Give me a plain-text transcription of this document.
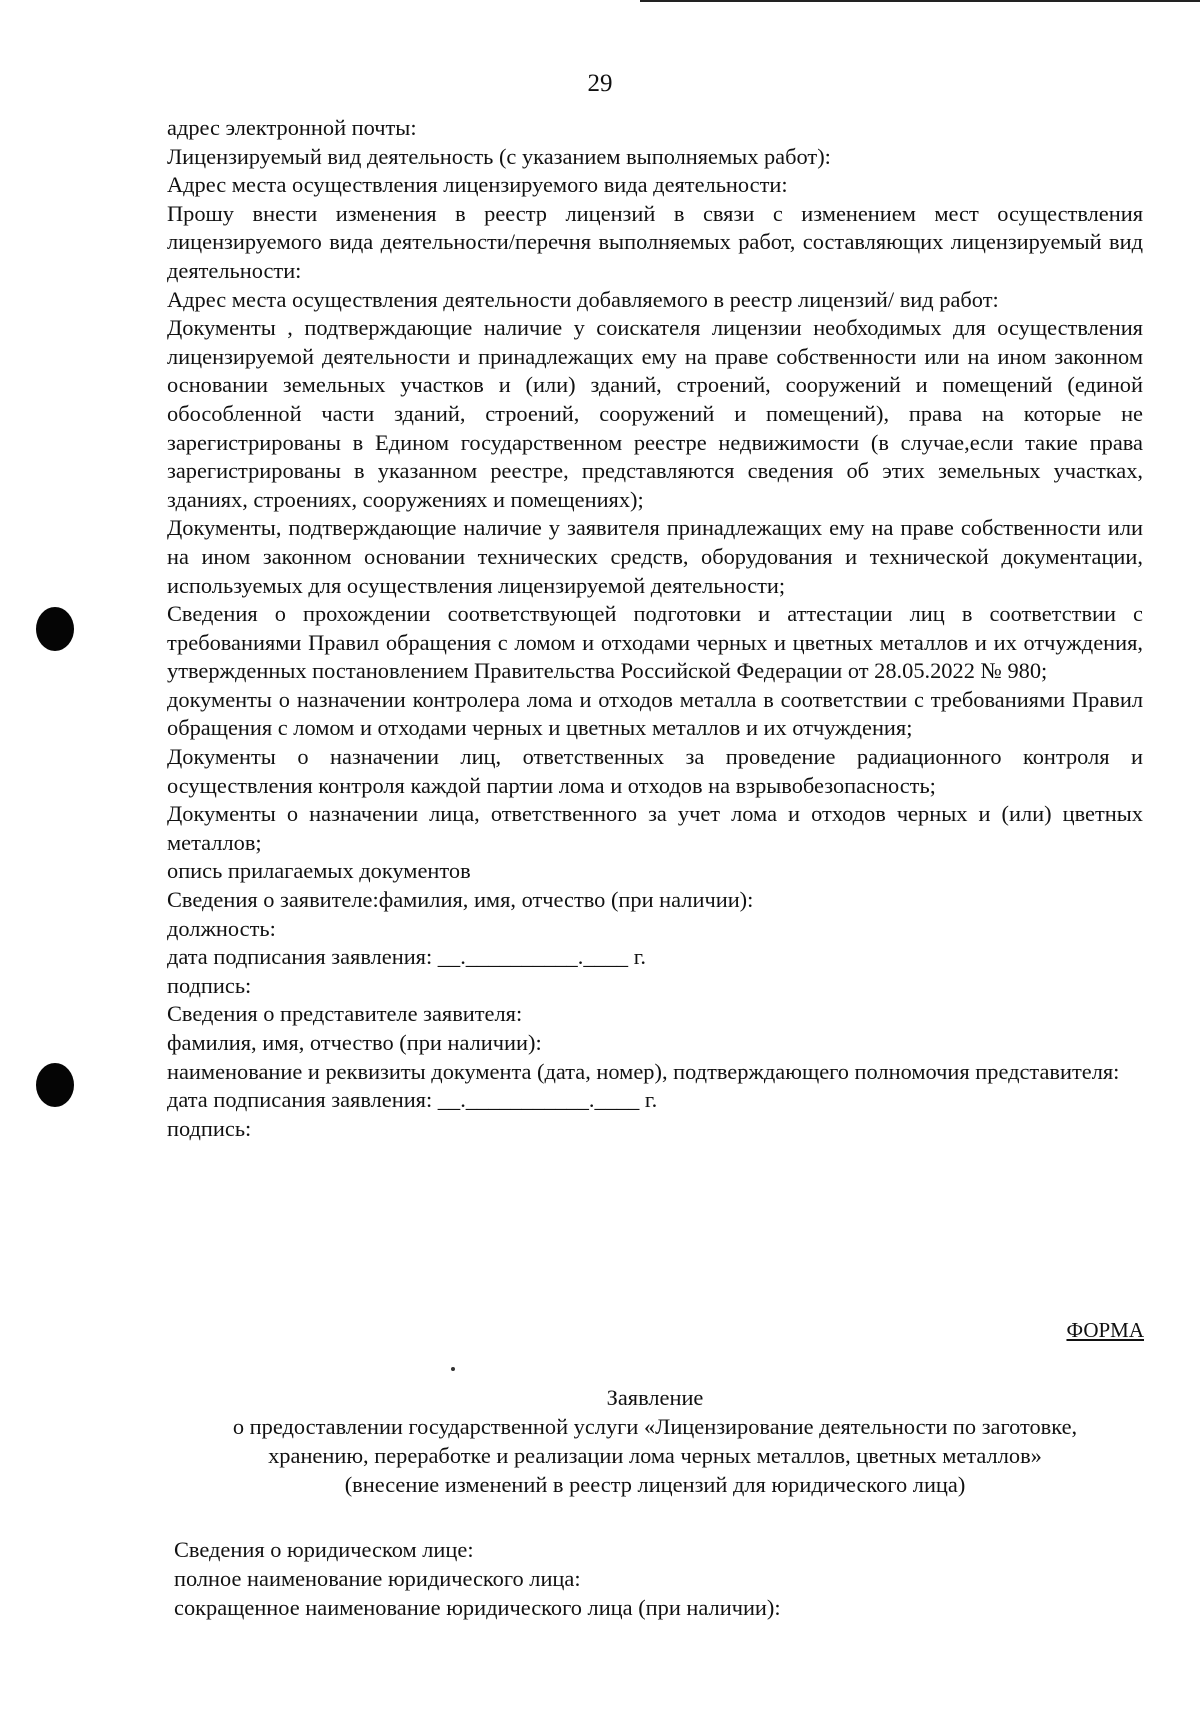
29

адрес электронной почты:

Лицензируемый вид деятельность (с указанием выполняемых работ):

Адрес места осуществления лицензируемого вида деятельности:

Прошу внести изменения в реестр лицензий в связи с изменением мест осуществления лицензируемого вида деятельности/перечня выполняемых работ, составляющих лицензируемый вид деятельности:

Адрес места осуществления деятельности добавляемого в реестр лицензий/ вид работ:

Документы , подтверждающие наличие у соискателя лицензии необходимых для осуществления лицензируемой деятельности и принадлежащих ему на праве собственности или на ином законном основании земельных участков и (или) зданий, строений, сооружений и помещений (единой обособленной части зданий, строений, сооружений и помещений), права на которые не зарегистрированы в Едином государственном реестре недвижимости (в случае,если такие права зарегистрированы в указанном реестре, представляются сведения об этих земельных участках, зданиях, строениях, сооружениях и помещениях);

Документы, подтверждающие наличие у заявителя принадлежащих ему на праве собственности или на ином законном основании технических средств, оборудования и технической документации, используемых для осуществления лицензируемой деятельности;

Сведения о прохождении соответствующей подготовки и аттестации лиц в соответствии с требованиями Правил обращения с ломом и отходами черных и цветных металлов и их отчуждения, утвержденных постановлением Правительства Российской Федерации от 28.05.2022 № 980;

документы о назначении контролера лома и отходов металла в соответствии с требованиями Правил обращения с ломом и отходами черных и цветных металлов и их отчуждения;

Документы о назначении лиц, ответственных за проведение радиационного контроля и осуществления контроля каждой партии лома и отходов на взрывобезопасность;

Документы о назначении лица, ответственного за учет лома и отходов черных и (или) цветных металлов;

опись прилагаемых документов

Сведения о заявителе:фамилия, имя, отчество (при наличии):

должность:

дата подписания заявления: __.__________.____ г.

подпись:

Сведения о представителе заявителя:

фамилия, имя, отчество (при наличии):

наименование и реквизиты документа (дата, номер), подтверждающего полномочия представителя:

дата подписания заявления: __.___________.____ г.

подпись:

ФОРМА

Заявление

о предоставлении государственной услуги «Лицензирование деятельности по заготовке,

хранению, переработке и реализации лома черных металлов, цветных металлов»

(внесение изменений в реестр лицензий для юридического лица)

Сведения о юридическом лице:

полное наименование юридического лица:

сокращенное наименование юридического лица (при наличии):
